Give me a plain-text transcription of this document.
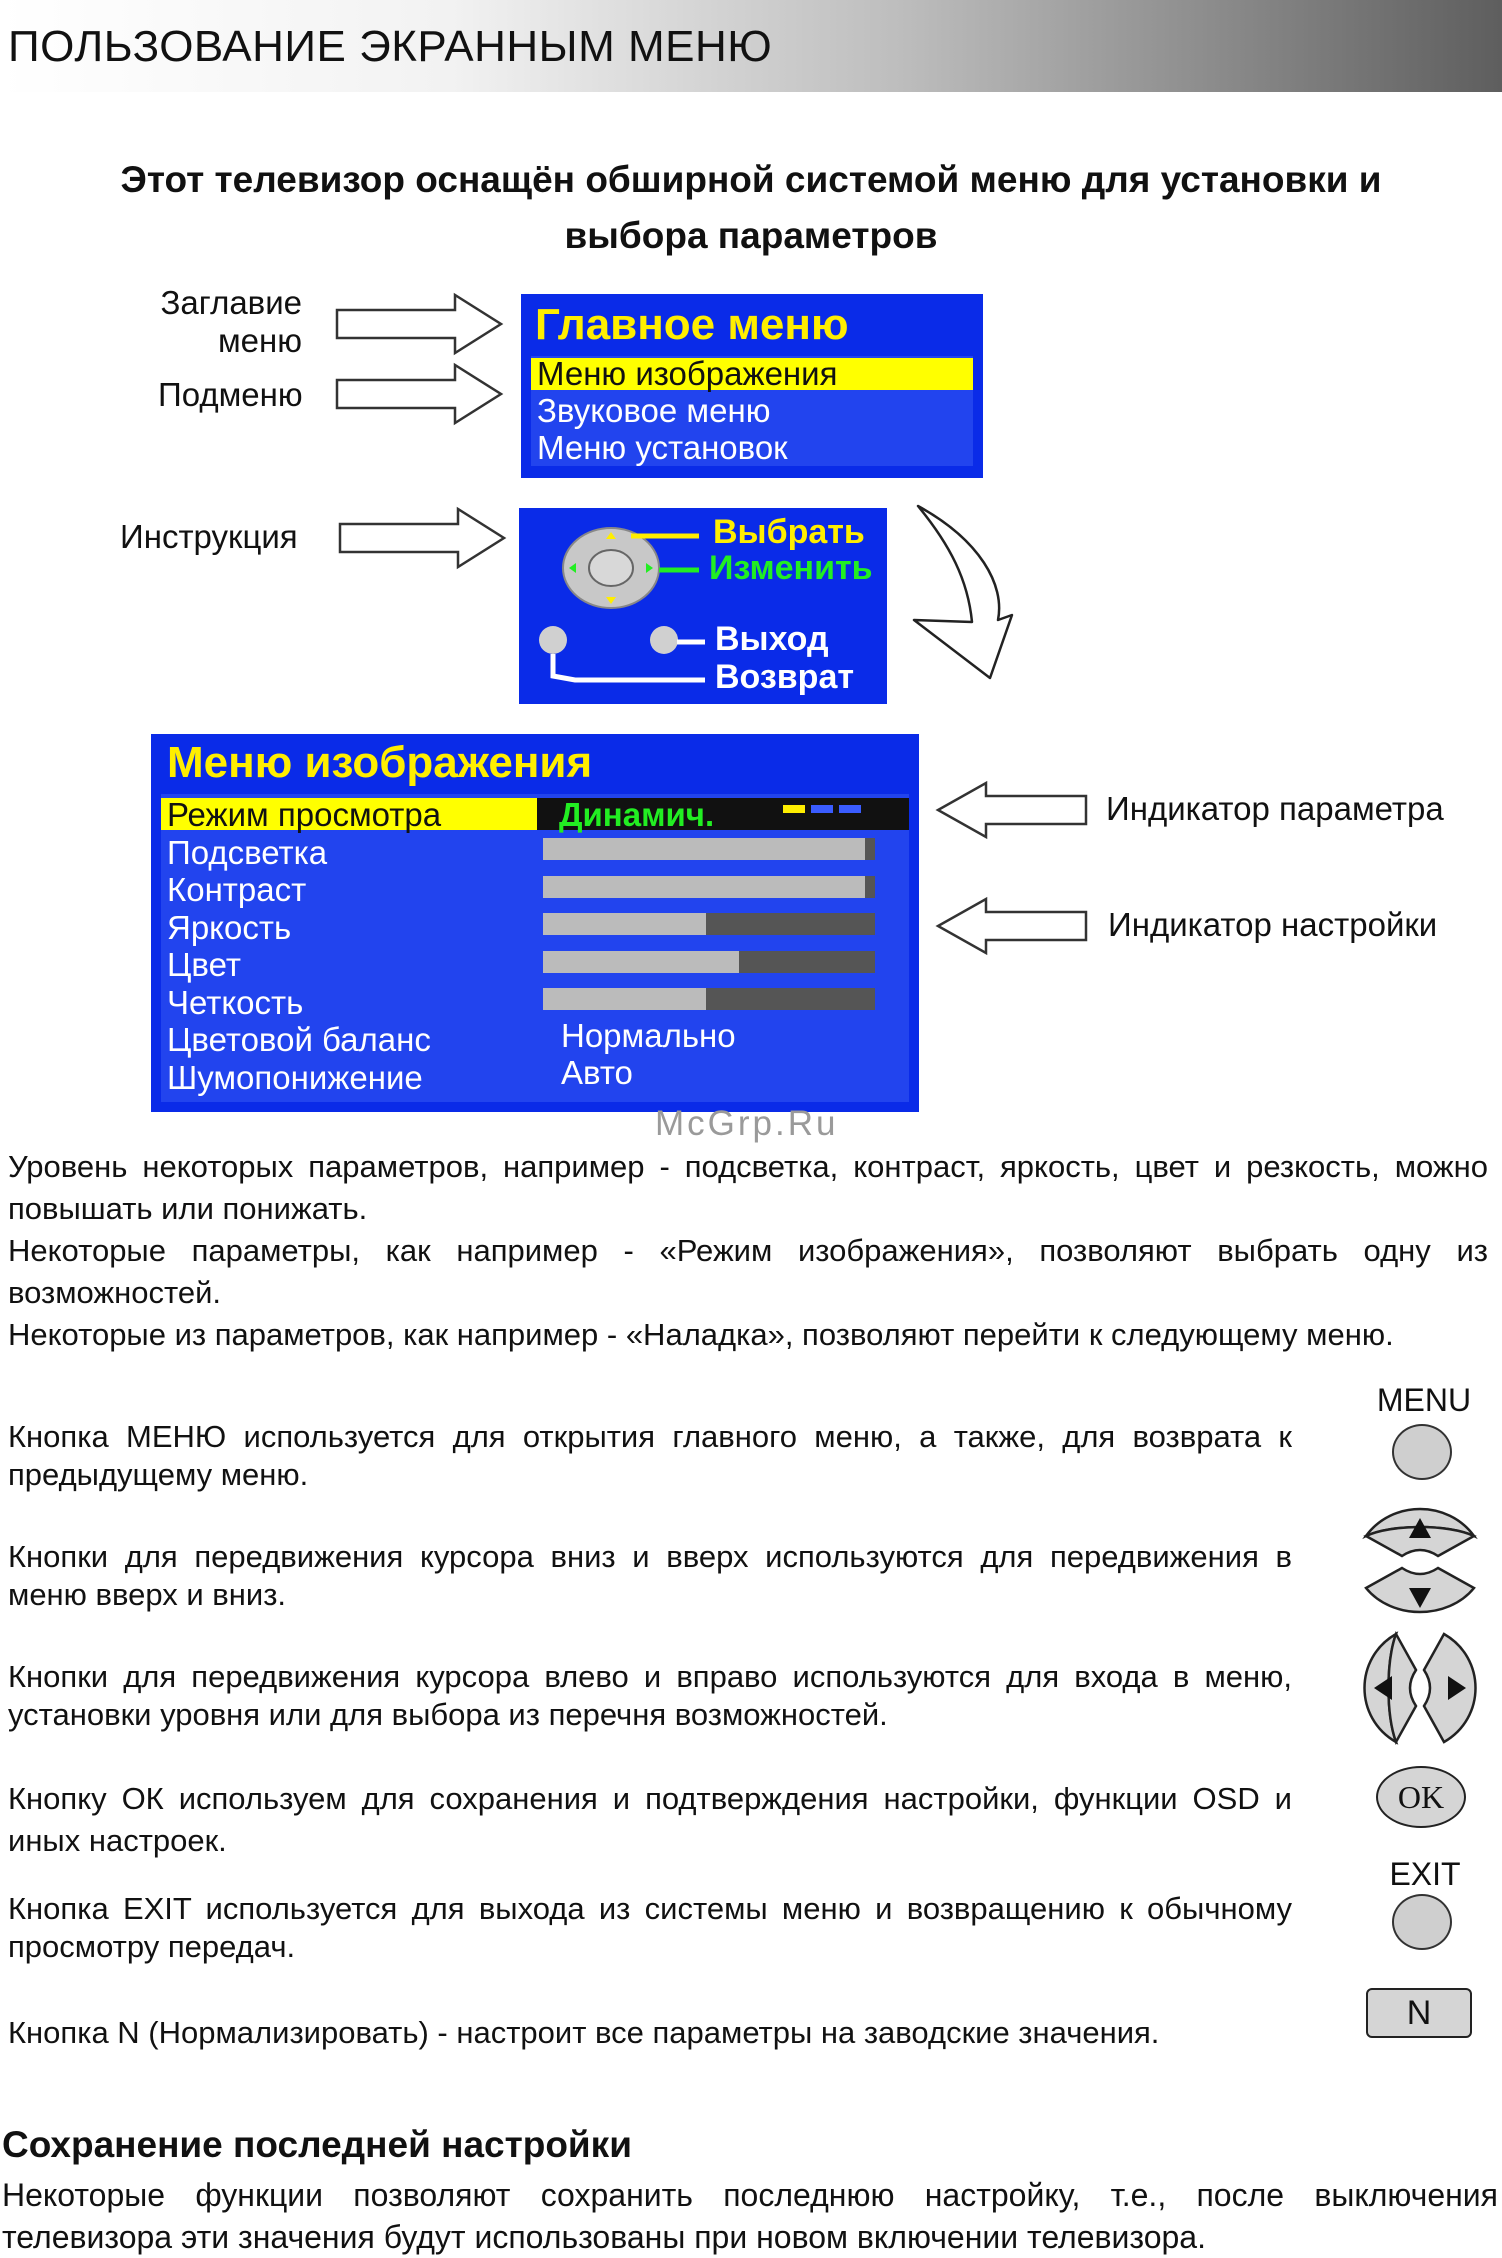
ПОЛЬЗОВАНИЕ ЭКРАННЫМ МЕНЮ
Этот телевизор оснащён обширной системой меню для установки и
выбора параметров
Заглавие
меню
Подменю
Инструкция
Главное меню
Меню изображения
Звуковое меню
Меню установок
Выбрать
Изменить
Выход
Возврат
Меню изображения
Динамич.
Режим просмотра
Подсветка
Контраст
Яркость
Цвет
Четкость
Цветовой баланс
Шумопонижение
Нормально
Авто
Индикатор параметра
Индикатор настройки
McGrp.Ru
Уровень некоторых параметров, например - подсветка, контраст, яркость, цвет и резкость, можно повышать или понижать.
Некоторые параметры, как например - «Режим изображения», позволяют выбрать одну из возможностей.
Некоторые из параметров, как например - «Наладка», позволяют перейти к следующему меню.
Кнопка МЕНЮ используется для открытия главного меню, а также, для возврата к предыдущему меню.
Кнопки для передвижения курсора вниз и вверх используются для передвижения в меню вверх и вниз.
Кнопки для передвижения курсора влево и вправо используются для входа в меню, установки уровня или для выбора из перечня возможностей.
Кнопку ОК используем для сохранения и подтверждения настройки, функции OSD и иных настроек.
Кнопка EXIT используется для выхода из системы меню и возвращению к обычному просмотру передач.
Кнопка N (Нормализировать) - настроит все параметры на заводские значения.
MENU
OK
EXIT
N
Сохранение последней настройки
Некоторые функции позволяют сохранить последнюю настройку, т.е., после выключения телевизора эти значения будут использованы при новом включении телевизора.
